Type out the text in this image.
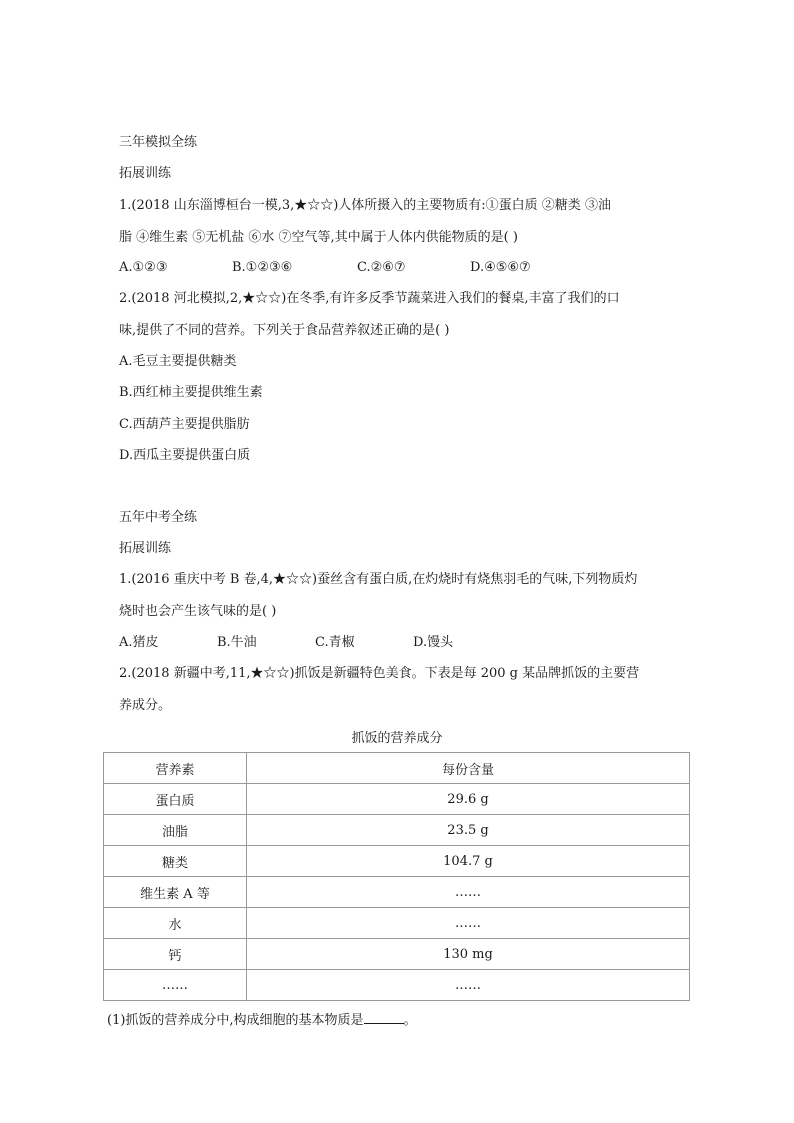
三年模拟全练
拓展训练
1.(2018 山东淄博桓台一模,3,★☆☆)人体所摄入的主要物质有:①蛋白质 ②糖类 ③油
脂 ④维生素 ⑤无机盐 ⑥水 ⑦空气等,其中属于人体内供能物质的是( )
A.①②③	B.①②③⑥	C.②⑥⑦	D.④⑤⑥⑦
2.(2018 河北模拟,2,★☆☆)在冬季,有许多反季节蔬菜进入我们的餐桌,丰富了我们的口
味,提供了不同的营养。下列关于食品营养叙述正确的是( )
A.毛豆主要提供糖类
B.西红柿主要提供维生素
C.西葫芦主要提供脂肪
D.西瓜主要提供蛋白质
五年中考全练
拓展训练
1.(2016 重庆中考 B 卷,4,★☆☆)蚕丝含有蛋白质,在灼烧时有烧焦羽毛的气味,下列物质灼
烧时也会产生该气味的是( )
A.猪皮	B.牛油	C.青椒	D.馒头
2.(2018 新疆中考,11,★☆☆)抓饭是新疆特色美食。下表是每 200 g 某品牌抓饭的主要营
养成分。
抓饭的营养成分
营养素	每份含量
蛋白质	29.6 g
油脂	23.5 g
糖类	104.7 g
维生素 A 等	……
水	……
钙	130 mg
……	……
(1)抓饭的营养成分中,构成细胞的基本物质是	。
